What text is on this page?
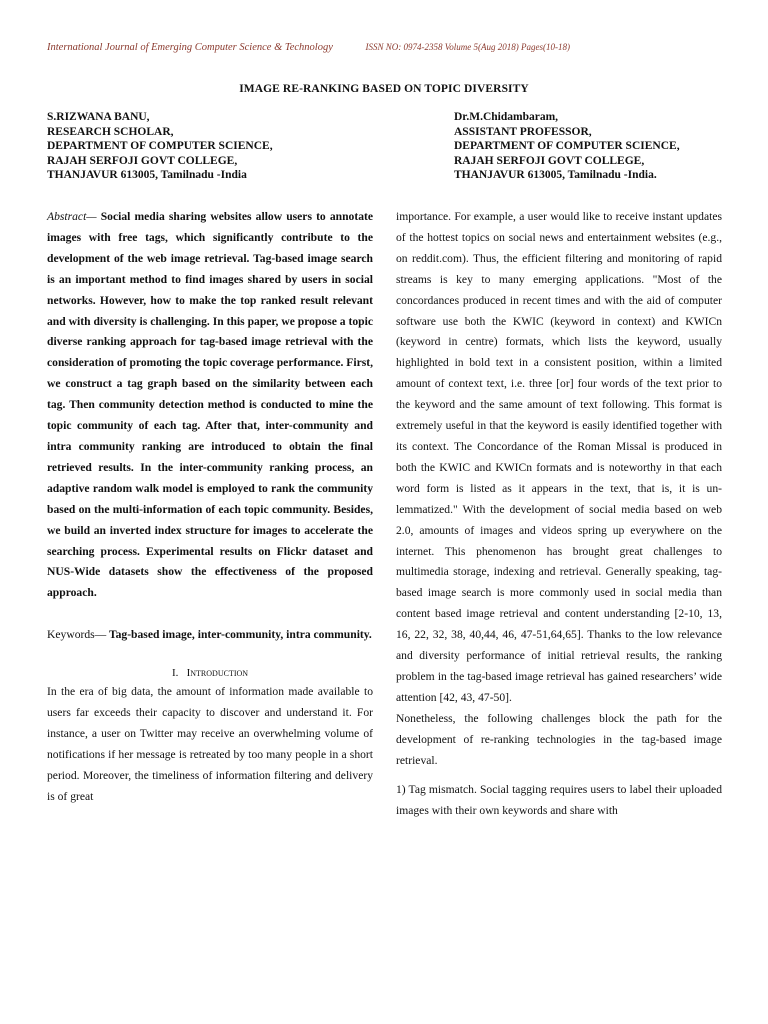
International Journal of Emerging Computer Science & Technology	ISSN NO: 0974-2358 Volume 5(Aug 2018) Pages(10-18)
IMAGE RE-RANKING BASED ON TOPIC DIVERSITY
S.RIZWANA BANU,
RESEARCH SCHOLAR,
DEPARTMENT OF COMPUTER SCIENCE,
RAJAH SERFOJI GOVT COLLEGE,
THANJAVUR 613005, Tamilnadu -India
Dr.M.Chidambaram,
ASSISTANT PROFESSOR,
DEPARTMENT OF COMPUTER SCIENCE,
RAJAH SERFOJI GOVT COLLEGE,
THANJAVUR 613005, Tamilnadu -India.

Abstract— Social media sharing websites allow users to annotate images with free tags, which significantly contribute to the development of the web image retrieval. Tag-based image search is an important method to find images shared by users in social networks. However, how to make the top ranked result relevant and with diversity is challenging. In this paper, we propose a topic diverse ranking approach for tag-based image retrieval with the consideration of promoting the topic coverage performance. First, we construct a tag graph based on the similarity between each tag. Then community detection method is conducted to mine the topic community of each tag. After that, inter-community and intra community ranking are introduced to obtain the final retrieved results. In the inter-community ranking process, an adaptive random walk model is employed to rank the community based on the multi-information of each topic community. Besides, we build an inverted index structure for images to accelerate the searching process. Experimental results on Flickr dataset and NUS-Wide datasets show the effectiveness of the proposed approach.

Keywords— Tag-based image, inter-community, intra community.

I. Introduction

In the era of big data, the amount of information made available to users far exceeds their capacity to discover and understand it. For instance, a user on Twitter may receive an overwhelming volume of notifications if her message is retreated by too many people in a short period. Moreover, the timeliness of information filtering and delivery is of great

importance. For example, a user would like to receive instant updates of the hottest topics on social news and entertainment websites (e.g., on reddit.com). Thus, the efficient filtering and monitoring of rapid streams is key to many emerging applications. "Most of the concordances produced in recent times and with the aid of computer software use both the KWIC (keyword in context) and KWICn (keyword in centre) formats, which lists the keyword, usually highlighted in bold text in a consistent position, within a limited amount of context text, i.e. three [or] four words of the text prior to the keyword and the same amount of text following. This format is extremely useful in that the keyword is easily identified together with its context. The Concordance of the Roman Missal is produced in both the KWIC and KWICn formats and is noteworthy in that each word form is listed as it appears in the text, that is, it is un-lemmatized." With the development of social media based on web 2.0, amounts of images and videos spring up everywhere on the internet. This phenomenon has brought great challenges to multimedia storage, indexing and retrieval. Generally speaking, tag-based image search is more commonly used in social media than content based image retrieval and content understanding [2-10, 13, 16, 22, 32, 38, 40,44, 46, 47-51,64,65]. Thanks to the low relevance and diversity performance of initial retrieval results, the ranking problem in the tag-based image retrieval has gained researchers’ wide attention [42, 43, 47-50].

Nonetheless, the following challenges block the path for the development of re-ranking technologies in the tag-based image retrieval.

1) Tag mismatch. Social tagging requires users to label their uploaded images with their own keywords and share with
